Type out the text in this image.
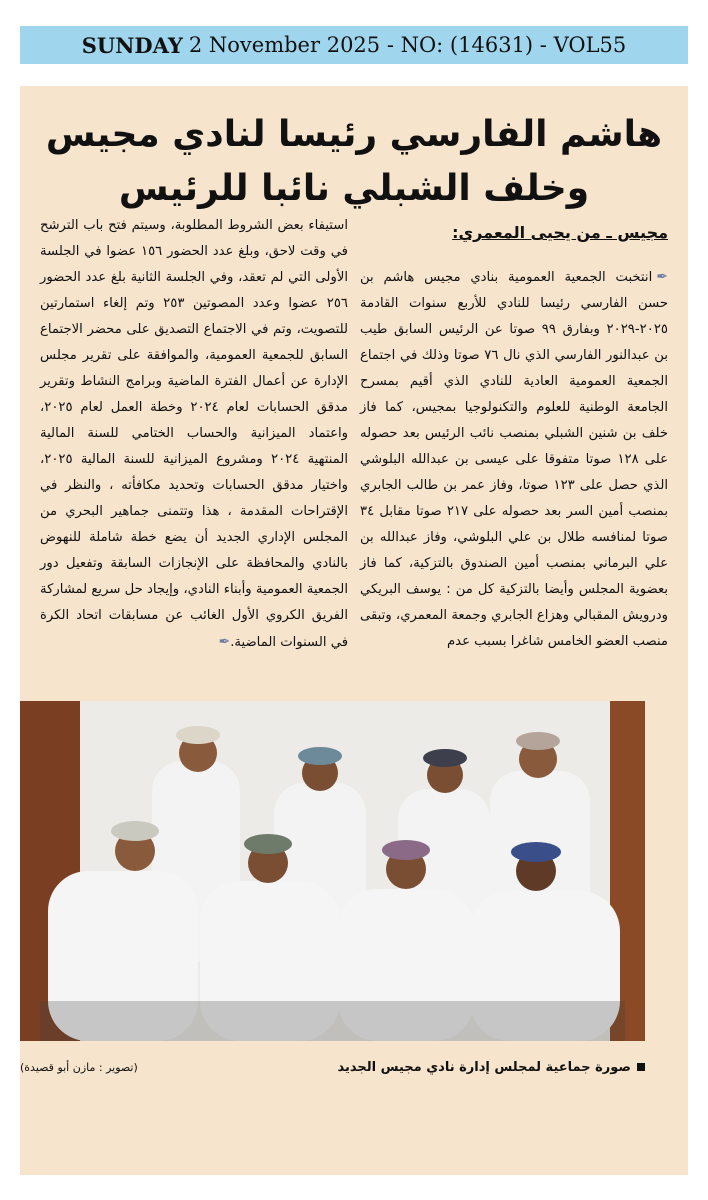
SUNDAY 2 November 2025 - NO: (14631) - VOL55
هاشم الفارسي رئيسا لنادي مجيس
وخلف الشبلي نائبا للرئيس
مجيس ـ من يحيى المعمري:
✒انتخبت الجمعية العمومية بنادي مجيس هاشم بن حسن الفارسي رئيسا للنادي للأربع سنوات القادمة ٢٠٢٥-٢٠٢٩ وبفارق ٩٩ صوتا عن الرئيس السابق طيب بن عبدالنور الفارسي الذي نال ٧٦ صوتا وذلك في اجتماع الجمعية العمومية العادية للنادي الذي أقيم بمسرح الجامعة الوطنية للعلوم والتكنولوجيا بمجيس، كما فاز خلف بن شنين الشبلي بمنصب نائب الرئيس بعد حصوله على ١٢٨ صوتا متفوقا على عيسى بن عبدالله البلوشي الذي حصل على ١٢٣ صوتا، وفاز عمر بن طالب الجابري بمنصب أمين السر بعد حصوله على ٢١٧ صوتا مقابل ٣٤ صوتا لمنافسه طلال بن علي البلوشي، وفاز عبدالله بن علي البرماني بمنصب أمين الصندوق بالتزكية، كما فاز بعضوية المجلس وأيضا بالتزكية كل من : يوسف البريكي ودرويش المقبالي وهزاع الجابري وجمعة المعمري، وتبقى منصب العضو الخامس شاغرا بسبب عدم
استيفاء بعض الشروط المطلوبة، وسيتم فتح باب الترشح في وقت لاحق، وبلغ عدد الحضور ١٥٦ عضوا في الجلسة الأولى التي لم تعقد، وفي الجلسة الثانية بلغ عدد الحضور ٢٥٦ عضوا وعدد المصوتين ٢٥٣ وتم إلغاء استمارتين للتصويت، وتم في الاجتماع التصديق على محضر الاجتماع السابق للجمعية العمومية، والموافقة على تقرير مجلس الإدارة عن أعمال الفترة الماضية وبرامج النشاط وتقرير مدقق الحسابات لعام ٢٠٢٤ وخطة العمل لعام ٢٠٢٥، واعتماد الميزانية والحساب الختامي للسنة المالية المنتهية ٢٠٢٤ ومشروع الميزانية للسنة المالية ٢٠٢٥، واختيار مدقق الحسابات وتحديد مكافأته ، والنظر في الإقتراحات المقدمة ، هذا وتتمنى جماهير البحري من المجلس الإداري الجديد أن يضع خطة شاملة للنهوض بالنادي والمحافظة على الإنجازات السابقة وتفعيل دور الجمعية العمومية وأبناء النادي، وإيجاد حل سريع لمشاركة الفريق الكروي الأول الغائب عن مسابقات اتحاد الكرة في السنوات الماضية.✒
صورة جماعية لمجلس إدارة نادي مجيس الجديد
(تصوير : مازن أبو قصيدة)
